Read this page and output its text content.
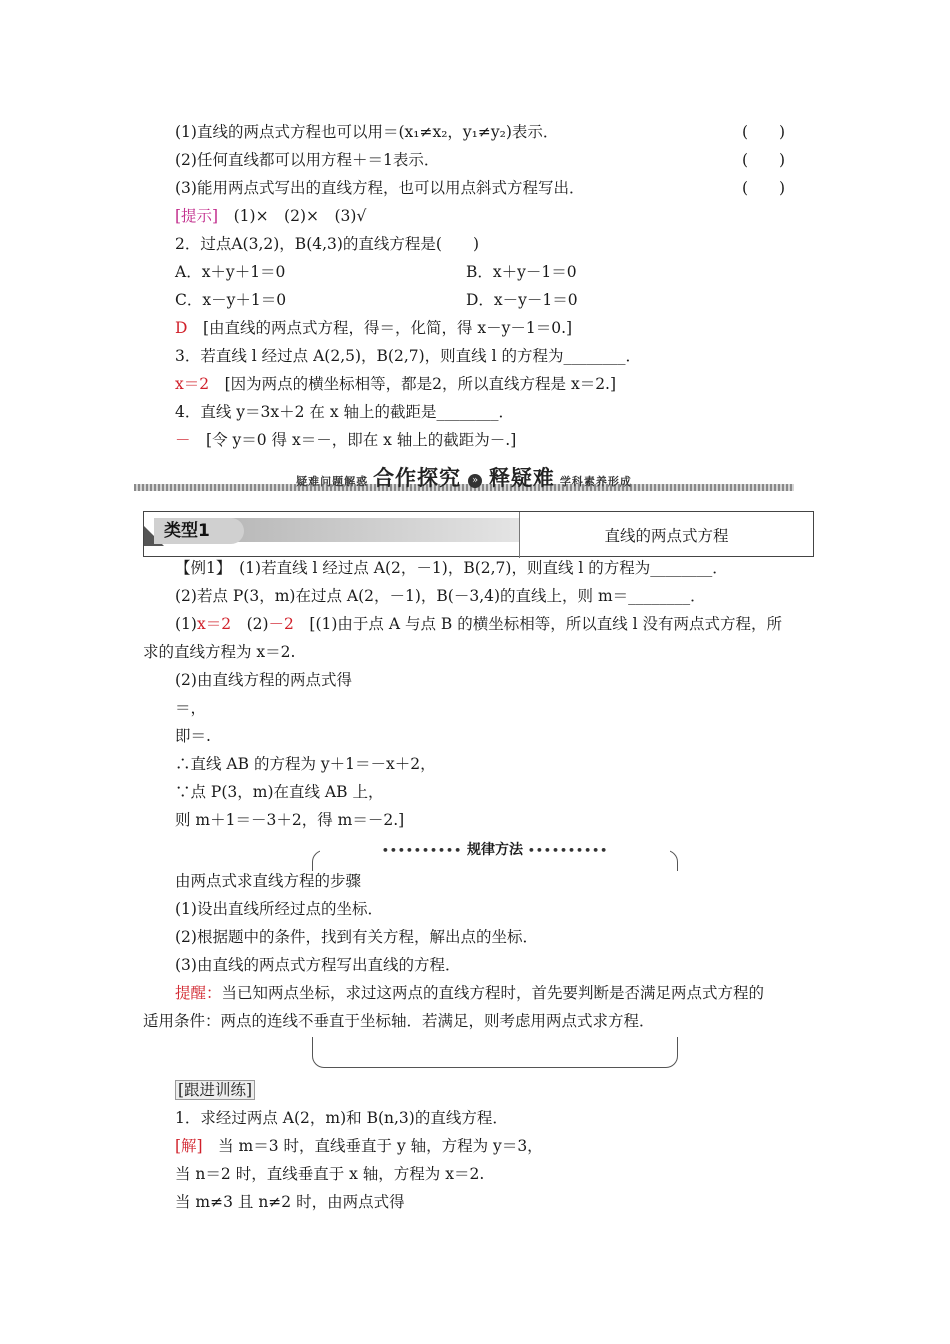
(1)直线的两点式方程也可以用＝(x₁≠x₂，y₁≠y₂)表示．	(　　)
(2)任何直线都可以用方程＋＝1表示．	(　　)
(3)能用两点式写出的直线方程，也可以用点斜式方程写出．	(　　)
[提示]　(1)×　(2)×　(3)√
2．过点A(3,2)，B(4,3)的直线方程是(　　)
A．x＋y＋1＝0	B．x＋y－1＝0
C．x－y＋1＝0	D．x－y－1＝0
D　[由直线的两点式方程，得＝，化简，得 x－y－1＝0.]
3．若直线 l 经过点 A(2,5)，B(2,7)，则直线 l 的方程为________．
x＝2　[因为两点的横坐标相等，都是2，所以直线方程是 x＝2.]
4．直线 y＝3x＋2 在 x 轴上的截距是________．
－　[令 y＝0 得 x＝－，即在 x 轴上的截距为－.]
疑难问题解惑 合作探究 » 释疑难 学科素养形成
类型1	直线的两点式方程
【例1】　(1)若直线 l 经过点 A(2，－1)，B(2,7)，则直线 l 的方程为________．
(2)若点 P(3，m)在过点 A(2，－1)，B(－3,4)的直线上，则 m＝________．
(1)x＝2　(2)－2　[(1)由于点 A 与点 B 的横坐标相等，所以直线 l 没有两点式方程，所
求的直线方程为 x＝2.
(2)由直线方程的两点式得
＝，
即＝.
∴直线 AB 的方程为 y＋1＝－x＋2，
∵点 P(3，m)在直线 AB 上，
则 m＋1＝－3＋2，得 m＝－2.]
•••••••••• 规律方法 ••••••••••
由两点式求直线方程的步骤
(1)设出直线所经过点的坐标．
(2)根据题中的条件，找到有关方程，解出点的坐标．
(3)由直线的两点式方程写出直线的方程．
提醒：当已知两点坐标，求过这两点的直线方程时，首先要判断是否满足两点式方程的
适用条件：两点的连线不垂直于坐标轴．若满足，则考虑用两点式求方程．
[跟进训练]
1．求经过两点 A(2，m)和 B(n,3)的直线方程．
[解]　当 m＝3 时，直线垂直于 y 轴，方程为 y＝3，
当 n＝2 时，直线垂直于 x 轴，方程为 x＝2.
当 m≠3 且 n≠2 时，由两点式得
